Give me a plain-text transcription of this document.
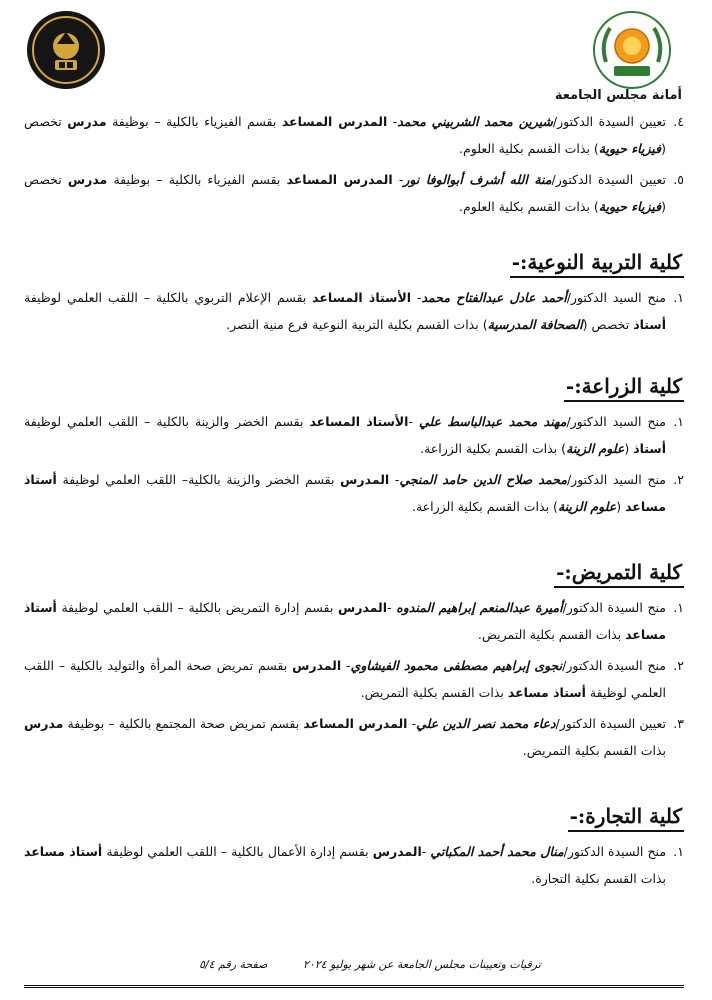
أمانة مجلس الجامعة
٤.
تعيين السيدة الدكتور/شيرين محمد الشربيني محمد- المدرس المساعد بقسم الفيزياء بالكلية – بوظيفة مدرس تخصص (فيزياء حيوية) بذات القسم بكلية العلوم.
٥.
تعيين السيدة الدكتور/منة الله أشرف أبوالوفا نور- المدرس المساعد بقسم الفيزياء بالكلية – بوظيفة مدرس تخصص (فيزياء حيوية) بذات القسم بكلية العلوم.
كلية التربية النوعية:-
١.
منح السيد الدكتور/أحمد عادل عبدالفتاح محمد- الأستاذ المساعد بقسم الإعلام التربوي بالكلية – اللقب العلمي لوظيفة أستاذ تخصص (الصحافة المدرسية) بذات القسم بكلية التربية النوعية فرع منية النصر.
كلية الزراعة:-
١.
منح السيد الدكتور/مهند محمد عبدالباسط علي -الأستاذ المساعد بقسم الخضر والزينة بالكلية – اللقب العلمي لوظيفة أستاذ (علوم الزينة) بذات القسم بكلية الزراعة.
٢.
منح السيد الدكتور/محمد صلاح الدين حامد المنجي- المدرس بقسم الخضر والزينة بالكلية– اللقب العلمي لوظيفة أستاذ مساعد (علوم الزينة) بذات القسم بكلية الزراعة.
كلية التمريض:-
١.
منح السيدة الدكتور/أميرة عبدالمنعم إبراهيم المندوه -المدرس بقسم إدارة التمريض بالكلية – اللقب العلمي لوظيفة أستاذ مساعد بذات القسم بكلية التمريض.
٢.
منح السيدة الدكتور/نجوى إبراهيم مصطفى محمود الفيشاوي- المدرس بقسم تمريض صحة المرأة والتوليد بالكلية – اللقب العلمي لوظيفة أستاذ مساعد بذات القسم بكلية التمريض.
٣.
تعيين السيدة الدكتور/دعاء محمد نصر الدين علي- المدرس المساعد بقسم تمريض صحة المجتمع بالكلية – بوظيفة مدرس بذات القسم بكلية التمريض.
كلية التجارة:-
١.
منح السيدة الدكتور/منال محمد أحمد المكباتي -المدرس بقسم إدارة الأعمال بالكلية – اللقب العلمي لوظيفة أستاذ مساعد بذات القسم بكلية التجارة.
ترقيات وتعيينات مجلس الجامعة عن شهر يوليو ٢٠٢٤ صفحة رقم ٥/٤
